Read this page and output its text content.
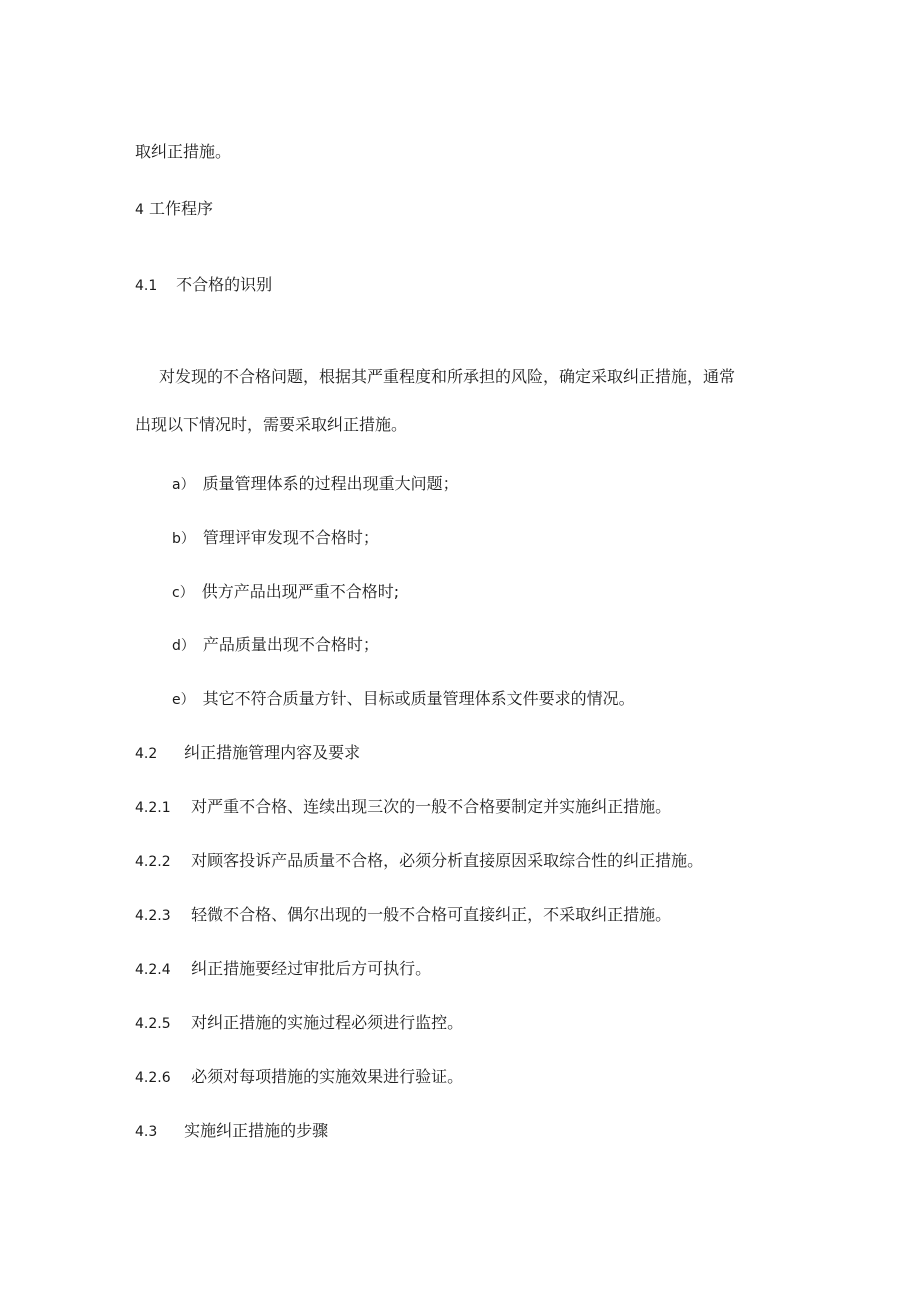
取纠正措施。
4 工作程序
4.1 不合格的识别
对发现的不合格问题，根据其严重程度和所承担的风险，确定采取纠正措施，通常
出现以下情况时，需要采取纠正措施。
a） 质量管理体系的过程出现重大问题；
b） 管理评审发现不合格时；
c） 供方产品出现严重不合格时;
d） 产品质量出现不合格时；
e） 其它不符合质量方针、目标或质量管理体系文件要求的情况。
4.2 纠正措施管理内容及要求
4.2.1 对严重不合格、连续出现三次的一般不合格要制定并实施纠正措施。
4.2.2 对顾客投诉产品质量不合格，必须分析直接原因采取综合性的纠正措施。
4.2.3 轻微不合格、偶尔出现的一般不合格可直接纠正，不采取纠正措施。
4.2.4 纠正措施要经过审批后方可执行。
4.2.5 对纠正措施的实施过程必须进行监控。
4.2.6 必须对每项措施的实施效果进行验证。
4.3 实施纠正措施的步骤
